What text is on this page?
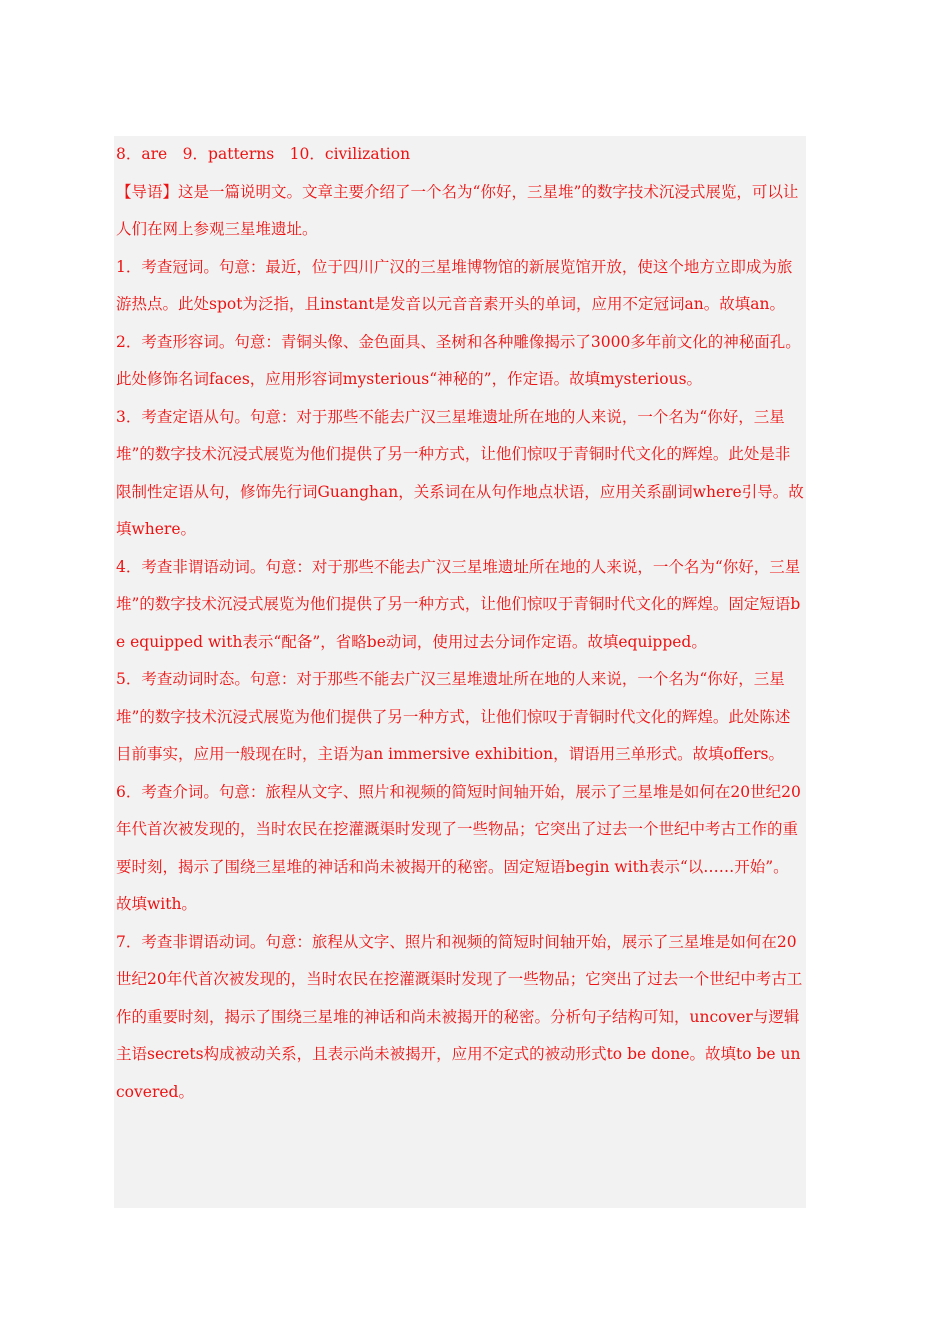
8．are　9．patterns　10．civilization

【导语】这是一篇说明文。文章主要介绍了一个名为“你好，三星堆”的数字技术沉浸式展览，可以让人们在网上参观三星堆遗址。

1．考查冠词。句意：最近，位于四川广汉的三星堆博物馆的新展览馆开放，使这个地方立即成为旅游热点。此处spot为泛指，且instant是发音以元音音素开头的单词，应用不定冠词an。故填an。

2．考查形容词。句意：青铜头像、金色面具、圣树和各种雕像揭示了3000多年前文化的神秘面孔。此处修饰名词faces，应用形容词mysterious“神秘的”，作定语。故填mysterious。

3．考查定语从句。句意：对于那些不能去广汉三星堆遗址所在地的人来说，一个名为“你好，三星堆”的数字技术沉浸式展览为他们提供了另一种方式，让他们惊叹于青铜时代文化的辉煌。此处是非限制性定语从句，修饰先行词Guanghan，关系词在从句作地点状语，应用关系副词where引导。故填where。

4．考查非谓语动词。句意：对于那些不能去广汉三星堆遗址所在地的人来说，一个名为“你好，三星堆”的数字技术沉浸式展览为他们提供了另一种方式，让他们惊叹于青铜时代文化的辉煌。固定短语be equipped with表示“配备”，省略be动词，使用过去分词作定语。故填equipped。

5．考查动词时态。句意：对于那些不能去广汉三星堆遗址所在地的人来说，一个名为“你好，三星堆”的数字技术沉浸式展览为他们提供了另一种方式，让他们惊叹于青铜时代文化的辉煌。此处陈述目前事实，应用一般现在时，主语为an immersive exhibition，谓语用三单形式。故填offers。

6．考查介词。句意：旅程从文字、照片和视频的简短时间轴开始，展示了三星堆是如何在20世纪20年代首次被发现的，当时农民在挖灌溉渠时发现了一些物品；它突出了过去一个世纪中考古工作的重要时刻，揭示了围绕三星堆的神话和尚未被揭开的秘密。固定短语begin with表示“以……开始”。故填with。

7．考查非谓语动词。句意：旅程从文字、照片和视频的简短时间轴开始，展示了三星堆是如何在20世纪20年代首次被发现的，当时农民在挖灌溉渠时发现了一些物品；它突出了过去一个世纪中考古工作的重要时刻，揭示了围绕三星堆的神话和尚未被揭开的秘密。分析句子结构可知，uncover与逻辑主语secrets构成被动关系，且表示尚未被揭开，应用不定式的被动形式to be done。故填to be uncovered。
